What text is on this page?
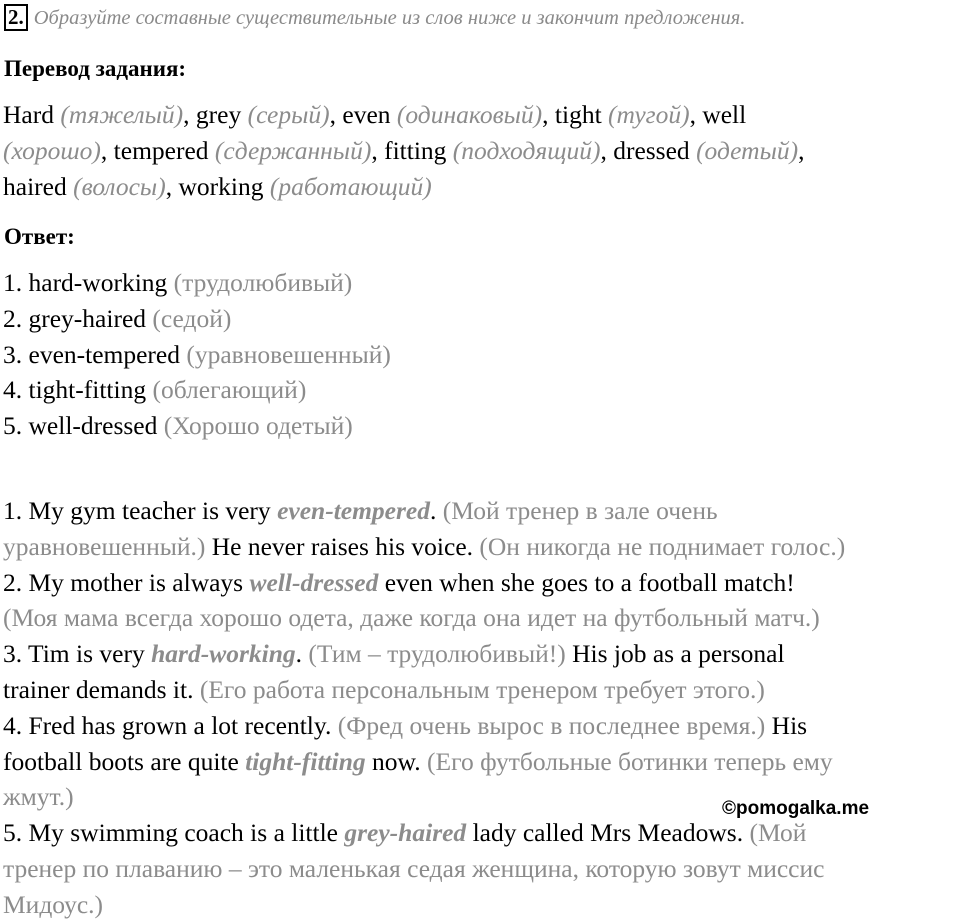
2. Образуйте составные существительные из слов ниже и закончит предложения.
Перевод задания:
Hard (тяжелый), grey (серый), even (одинаковый), tight (тугой), well
(хорошо), tempered (сдержанный), fitting (подходящий), dressed (одетый),
haired (волосы), working (работающий)
Ответ:
1. hard-working (трудолюбивый)
2. grey-haired (седой)
3. even-tempered (уравновешенный)
4. tight-fitting (облегающий)
5. well-dressed (Хорошо одетый)
1. My gym teacher is very even-tempered. (Мой тренер в зале очень
уравновешенный.) He never raises his voice. (Он никогда не поднимает голос.)
2. My mother is always well-dressed even when she goes to a football match!
(Моя мама всегда хорошо одета, даже когда она идет на футбольный матч.)
3. Tim is very hard-working. (Тим – трудолюбивый!) His job as a personal
trainer demands it. (Его работа персональным тренером требует этого.)
4. Fred has grown a lot recently. (Фред очень вырос в последнее время.) His
football boots are quite tight-fitting now. (Его футбольные ботинки теперь ему
жмут.)
5. My swimming coach is a little grey-haired lady called Mrs Meadows. (Мой
тренер по плаванию – это маленькая седая женщина, которую зовут миссис
Мидоус.)
©pomogalka.me
